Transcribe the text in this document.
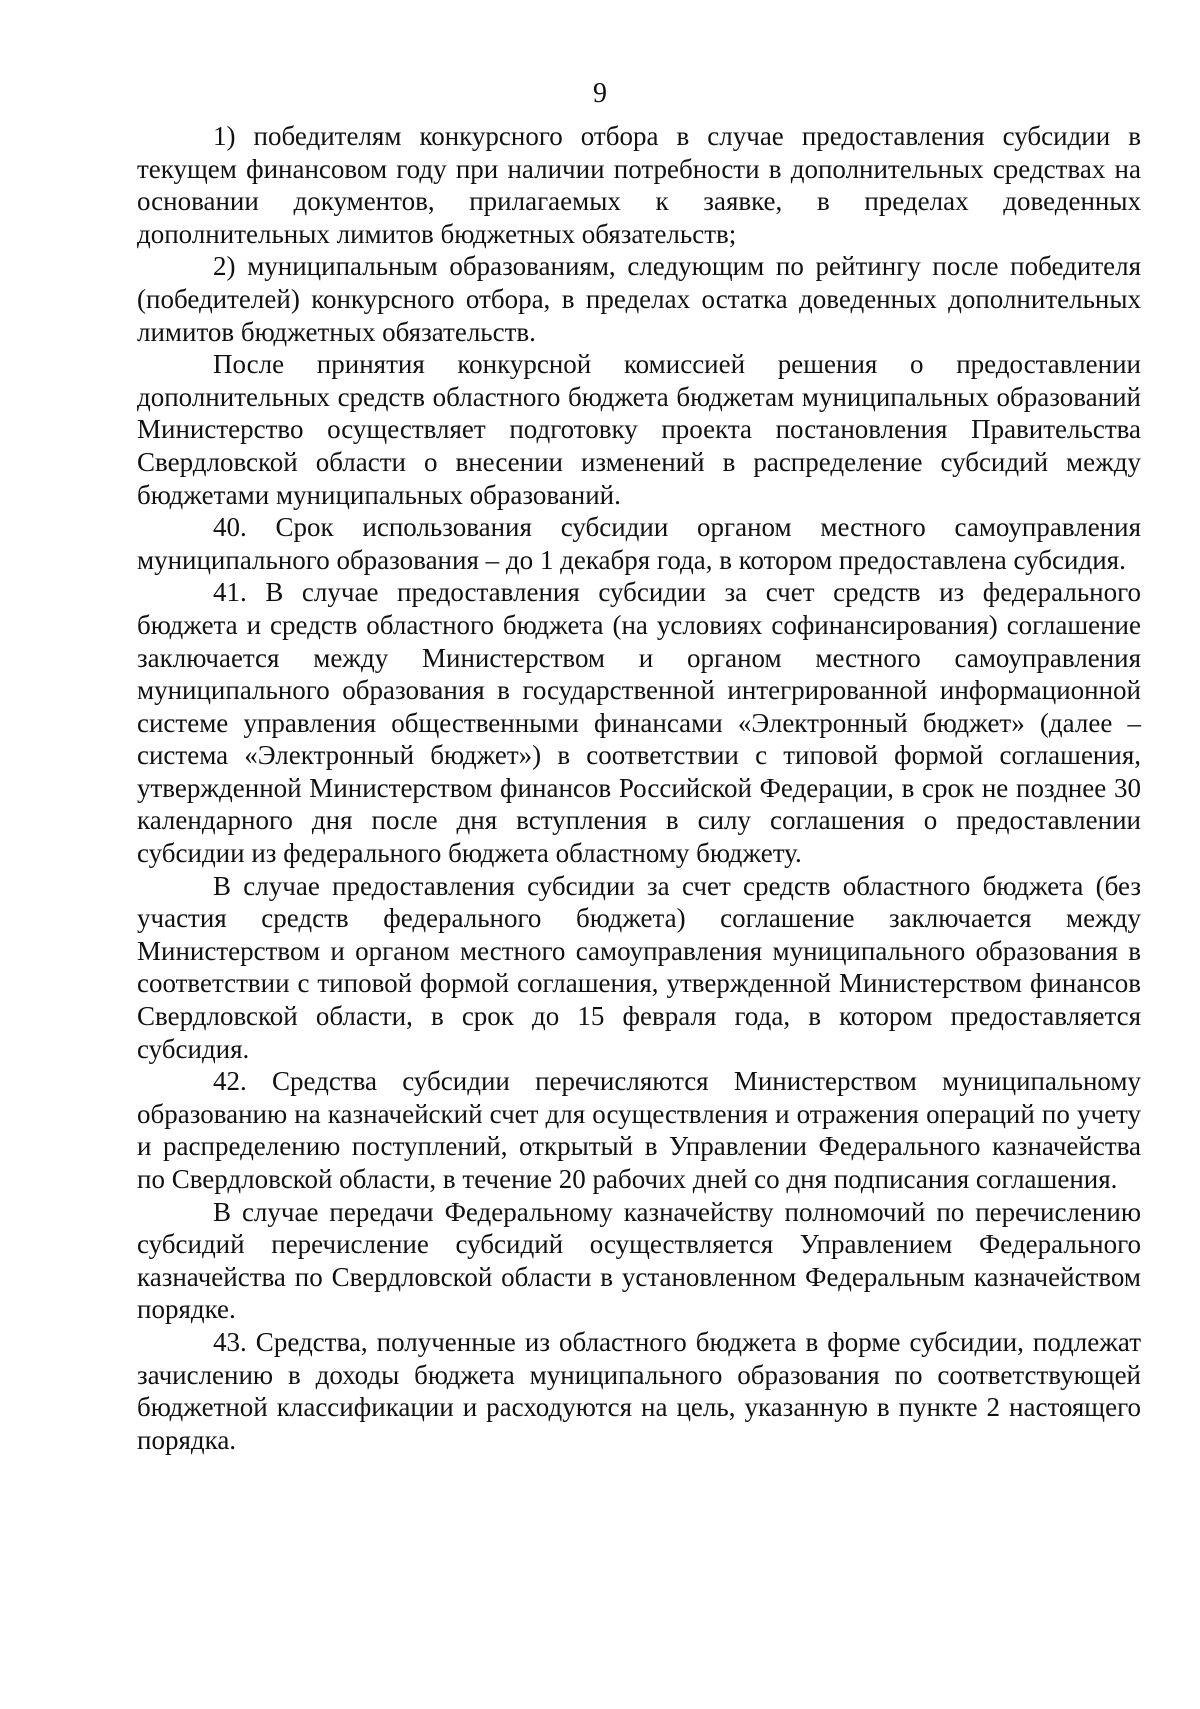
9

1) победителям конкурсного отбора в случае предоставления субсидии в текущем финансовом году при наличии потребности в дополнительных средствах на основании документов, прилагаемых к заявке, в пределах доведенных дополнительных лимитов бюджетных обязательств;

2) муниципальным образованиям, следующим по рейтингу после победителя (победителей) конкурсного отбора, в пределах остатка доведенных дополнительных лимитов бюджетных обязательств.

После принятия конкурсной комиссией решения о предоставлении дополнительных средств областного бюджета бюджетам муниципальных образований Министерство осуществляет подготовку проекта постановления Правительства Свердловской области о внесении изменений в распределение субсидий между бюджетами муниципальных образований.

40. Срок использования субсидии органом местного самоуправления муниципального образования – до 1 декабря года, в котором предоставлена субсидия.

41. В случае предоставления субсидии за счет средств из федерального бюджета и средств областного бюджета (на условиях софинансирования) соглашение заключается между Министерством и органом местного самоуправления муниципального образования в государственной интегрированной информационной системе управления общественными финансами «Электронный бюджет» (далее – система «Электронный бюджет») в соответствии с типовой формой соглашения, утвержденной Министерством финансов Российской Федерации, в срок не позднее 30 календарного дня после дня вступления в силу соглашения о предоставлении субсидии из федерального бюджета областному бюджету.

В случае предоставления субсидии за счет средств областного бюджета (без участия средств федерального бюджета) соглашение заключается между Министерством и органом местного самоуправления муниципального образования в соответствии с типовой формой соглашения, утвержденной Министерством финансов Свердловской области, в срок до 15 февраля года, в котором предоставляется субсидия.

42. Средства субсидии перечисляются Министерством муниципальному образованию на казначейский счет для осуществления и отражения операций по учету и распределению поступлений, открытый в Управлении Федерального казначейства по Свердловской области, в течение 20 рабочих дней со дня подписания соглашения.

В случае передачи Федеральному казначейству полномочий по перечислению субсидий перечисление субсидий осуществляется Управлением Федерального казначейства по Свердловской области в установленном Федеральным казначейством порядке.

43. Средства, полученные из областного бюджета в форме субсидии, подлежат зачислению в доходы бюджета муниципального образования по соответствующей бюджетной классификации и расходуются на цель, указанную в пункте 2 настоящего порядка.
